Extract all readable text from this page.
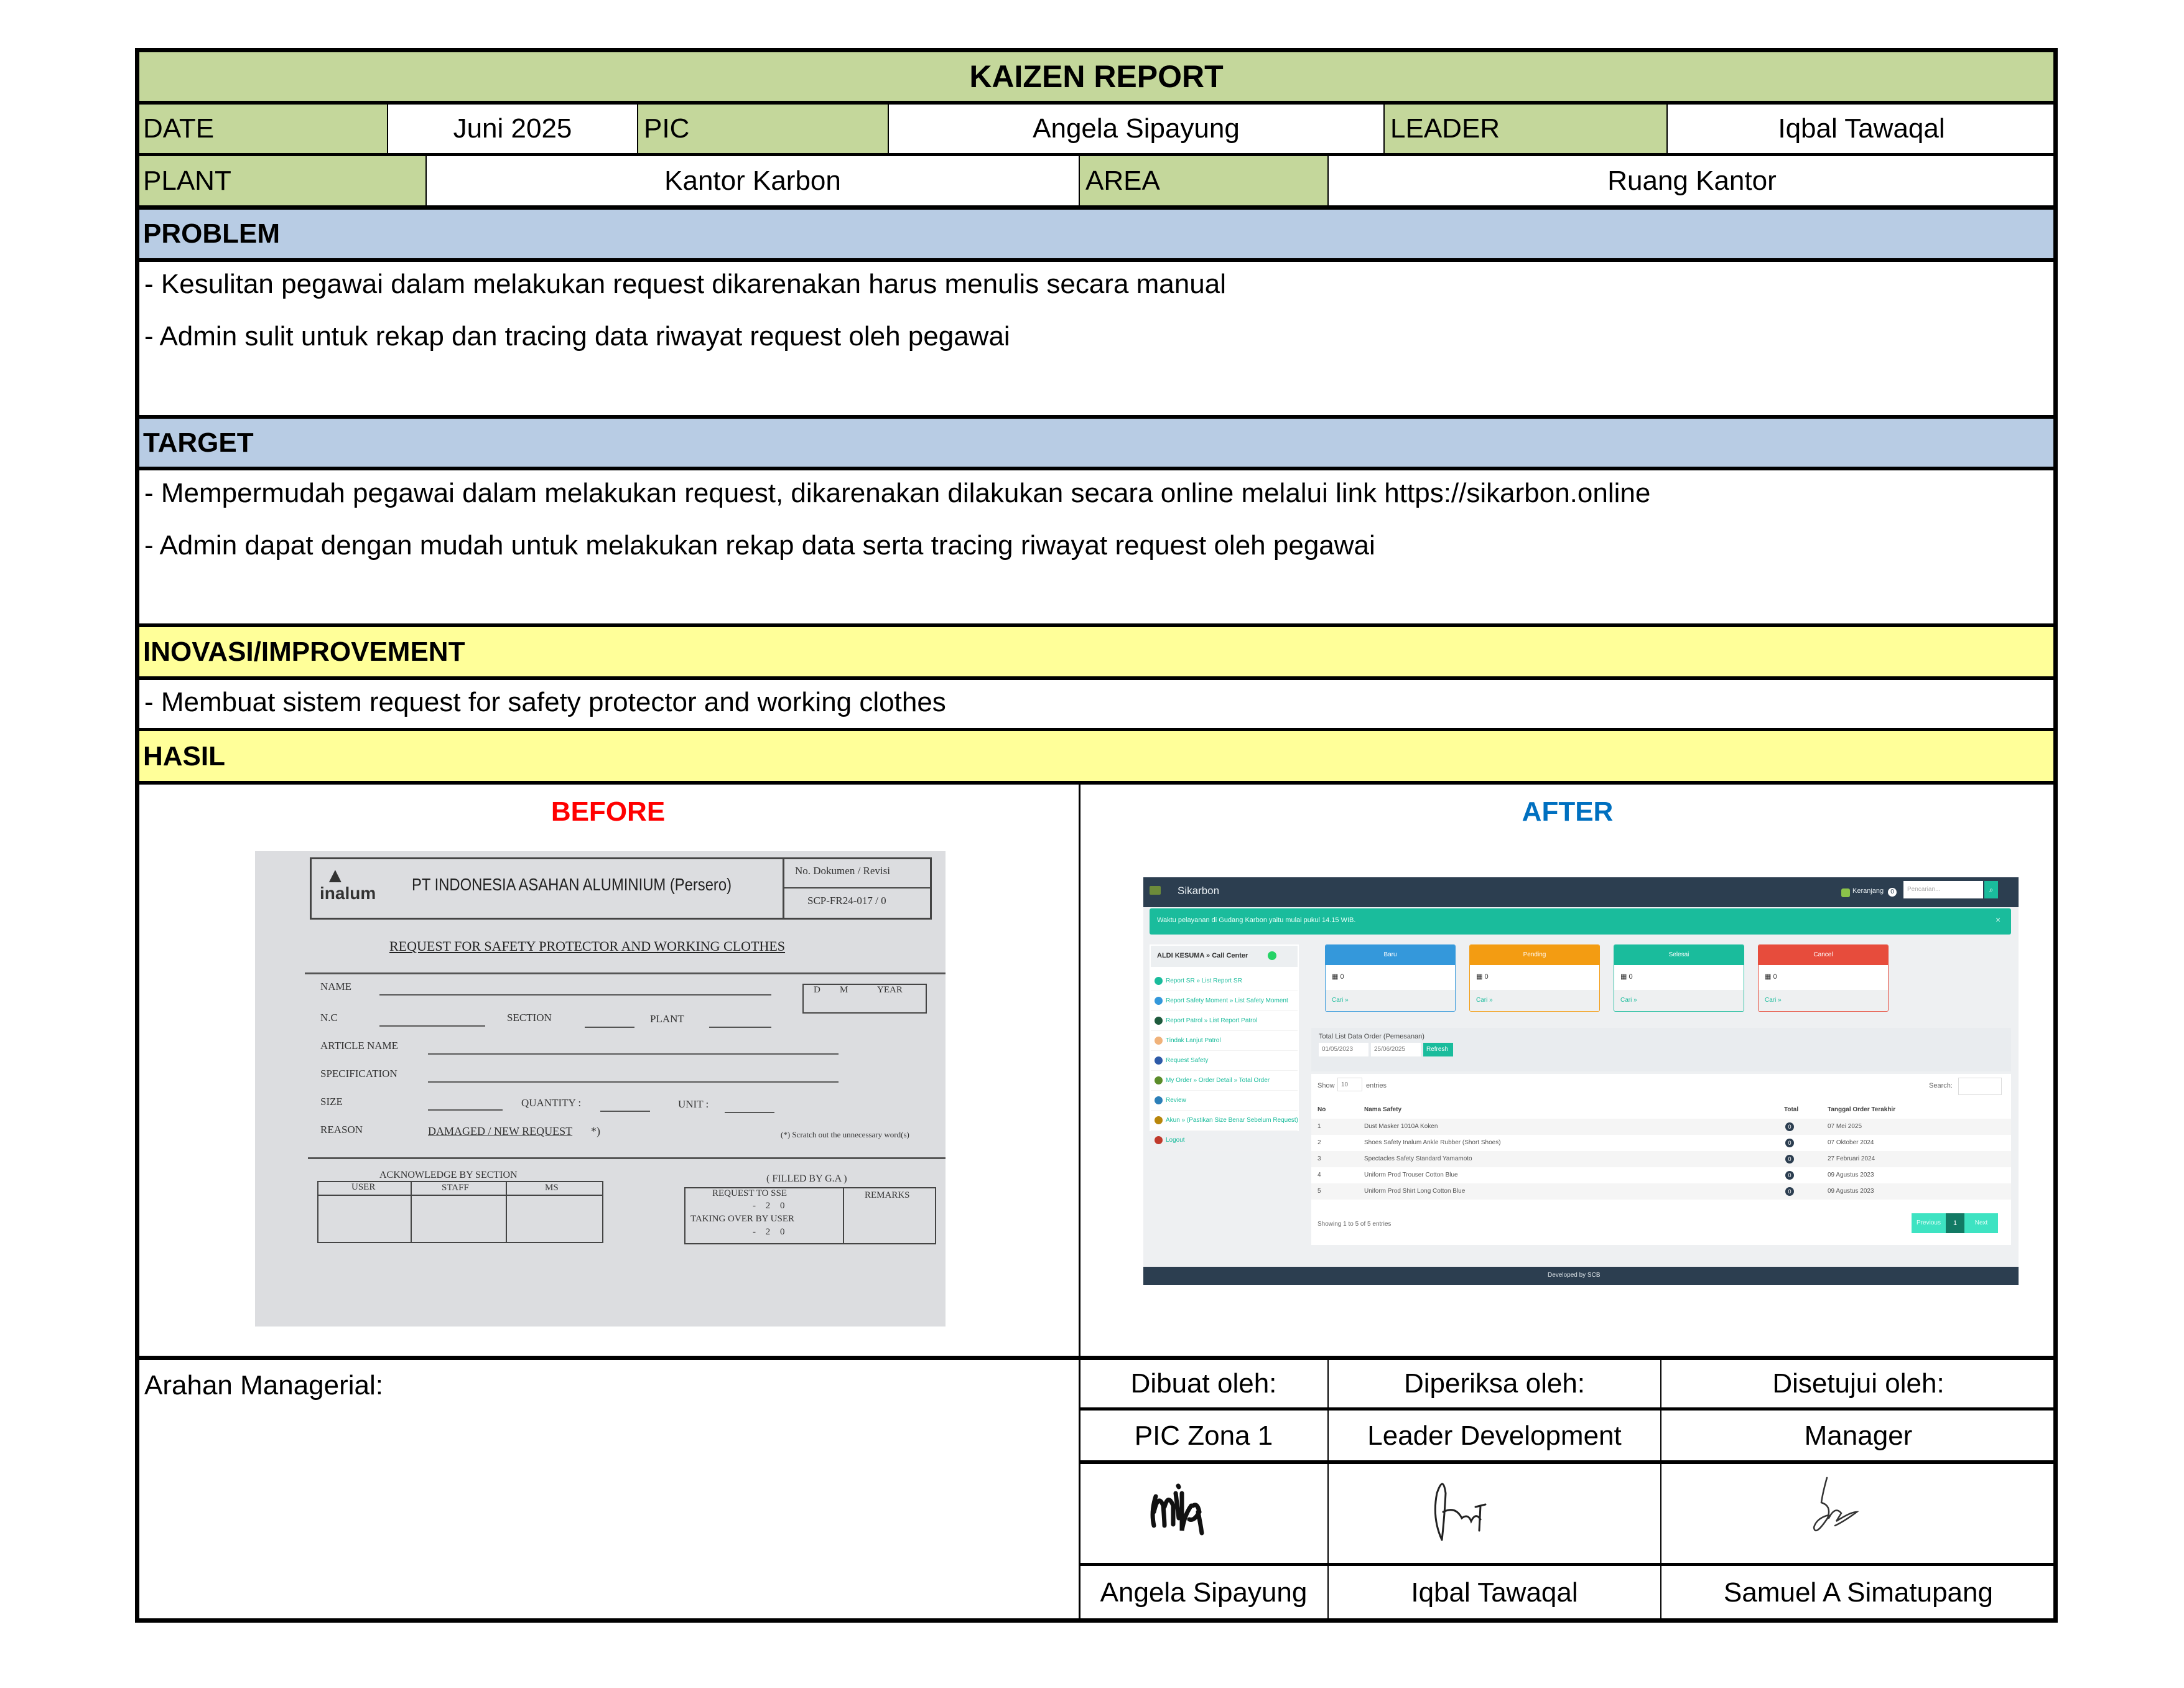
KAIZEN REPORT
DATE	Juni 2025	PIC	Angela Sipayung	LEADER	Iqbal Tawaqal
PLANT	Kantor Karbon	AREA	Ruang Kantor
PROBLEM
- Kesulitan pegawai dalam melakukan request dikarenakan harus menulis secara manual
- Admin sulit untuk rekap dan tracing data riwayat request oleh pegawai
TARGET
- Mempermudah pegawai dalam melakukan request, dikarenakan dilakukan secara online melalui link https://sikarbon.online
- Admin dapat dengan mudah untuk melakukan rekap data serta tracing riwayat request oleh pegawai
INOVASI/IMPROVEMENT
- Membuat sistem request for safety protector and working clothes
HASIL
BEFORE	AFTER
▲
inalum PT INDONESIA ASAHAN ALUMINIUM (Persero)
No. Dokumen / Revisi
SCP-FR24-017 / 0
REQUEST FOR SAFETY PROTECTOR AND WORKING CLOTHES
NAME	D M	YEAR
N.C	SECTION	PLANT
ARTICLE NAME
SPECIFICATION
SIZE	QUANTITY :	UNIT :
REASON	DAMAGED / NEW REQUEST *)	(*) Scratch out the unnecessary word(s)
ACKNOWLEDGE BY SECTION
USER	STAFF	MS
( FILLED BY G.A )
REQUEST TO SSE	REMARKS
- 2 0
TAKING OVER BY USER
- 2 0
Sikarbon	Keranjang	0	Pencarian...	⌕
Waktu pelayanan di Gudang Karbon yaitu mulai pukul 14.15 WIB.	×
ALDI KESUMA » Call Center
Report SR » List Report SR
Report Safety Moment » List Safety Moment
Report Patrol » List Report Patrol
Tindak Lanjut Patrol
Request Safety
My Order » Order Detail » Total Order
Review
Akun » (Pastikan Size Benar Sebelum Request)
Logout
Baru
▦ 0
Cari »
Pending
▦ 0
Cari »
Selesai
▦ 0
Cari »
Cancel
▦ 0
Cari »
Total List Data Order (Pemesanan)
01/05/2023	25/06/2025	Refresh
Show	10	entries	Search:
No	Nama Safety	Total	Tanggal Order Terakhir
1	Dust Masker 1010A Koken	0	07 Mei 2025
2	Shoes Safety Inalum Ankle Rubber (Short Shoes)	0	07 Oktober 2024
3	Spectacles Safety Standard Yamamoto	0	27 Februari 2024
4	Uniform Prod Trouser Cotton Blue	0	09 Agustus 2023
5	Uniform Prod Shirt Long Cotton Blue	0	09 Agustus 2023
Showing 1 to 5 of 5 entries	Previous	1	Next
Developed by SCB
Arahan Managerial:	Dibuat oleh:	Diperiksa oleh:	Disetujui oleh:
PIC Zona 1	Leader Development	Manager
Angela Sipayung	Iqbal Tawaqal	Samuel A Simatupang
